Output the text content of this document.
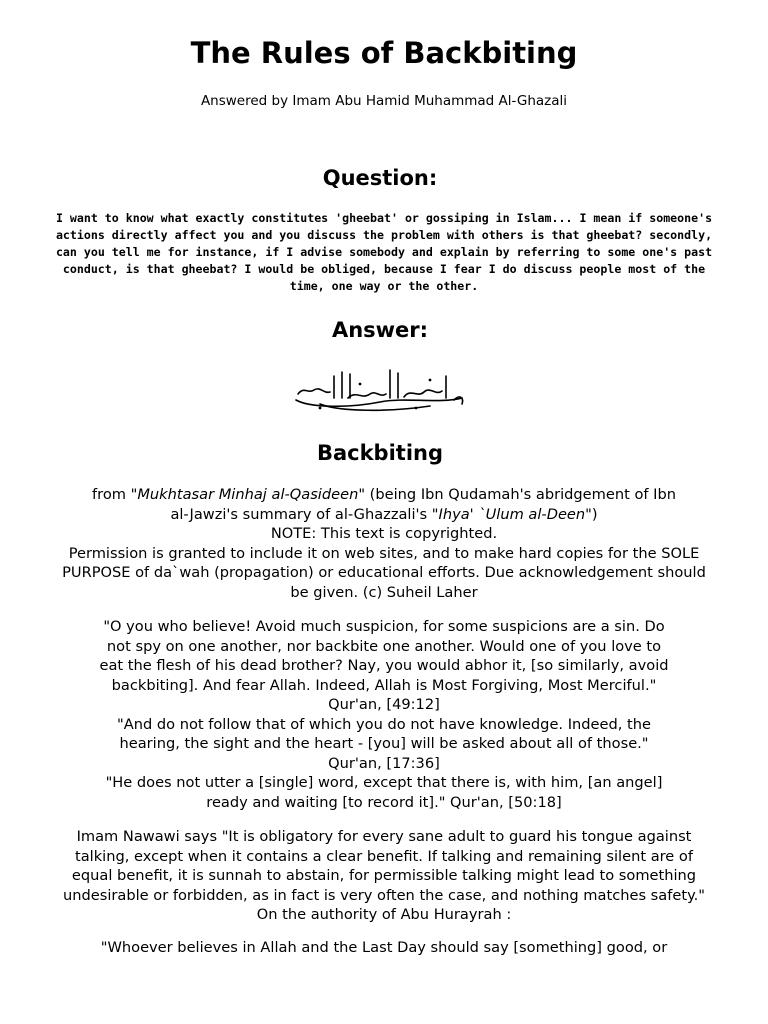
The Rules of Backbiting
Answered by Imam Abu Hamid Muhammad Al-Ghazali
Question:
I want to know what exactly constitutes 'gheebat' or gossiping in Islam... I mean if someone's
actions directly affect you and you discuss the problem with others is that gheebat? secondly,
can you tell me for instance, if I advise somebody and explain by referring to some one's past
conduct, is that gheebat? I would be obliged, because I fear I do discuss people most of the
time, one way or the other.
Answer:
بسم الله الرحمن الرحيم
Backbiting

from "Mukhtasar Minhaj al-Qasideen" (being Ibn Qudamah's abridgement of Ibn

al-Jawzi's summary of al-Ghazzali's "Ihya' `Ulum al-Deen")

NOTE: This text is copyrighted.

Permission is granted to include it on web sites, and to make hard copies for the SOLE

PURPOSE of da`wah (propagation) or educational efforts. Due acknowledgement should

be given. (c) Suheil Laher

"O you who believe! Avoid much suspicion, for some suspicions are a sin. Do

not spy on one another, nor backbite one another. Would one of you love to

eat the flesh of his dead brother? Nay, you would abhor it, [so similarly, avoid

backbiting]. And fear Allah. Indeed, Allah is Most Forgiving, Most Merciful."

Qur'an, [49:12]

"And do not follow that of which you do not have knowledge. Indeed, the

hearing, the sight and the heart - [you] will be asked about all of those."

Qur'an, [17:36]

"He does not utter a [single] word, except that there is, with him, [an angel]

ready and waiting [to record it]." Qur'an, [50:18]

Imam Nawawi says "It is obligatory for every sane adult to guard his tongue against

talking, except when it contains a clear benefit. If talking and remaining silent are of

equal benefit, it is sunnah to abstain, for permissible talking might lead to something

undesirable or forbidden, as in fact is very often the case, and nothing matches safety."

On the authority of Abu Hurayrah :

"Whoever believes in Allah and the Last Day should say [something] good, or
